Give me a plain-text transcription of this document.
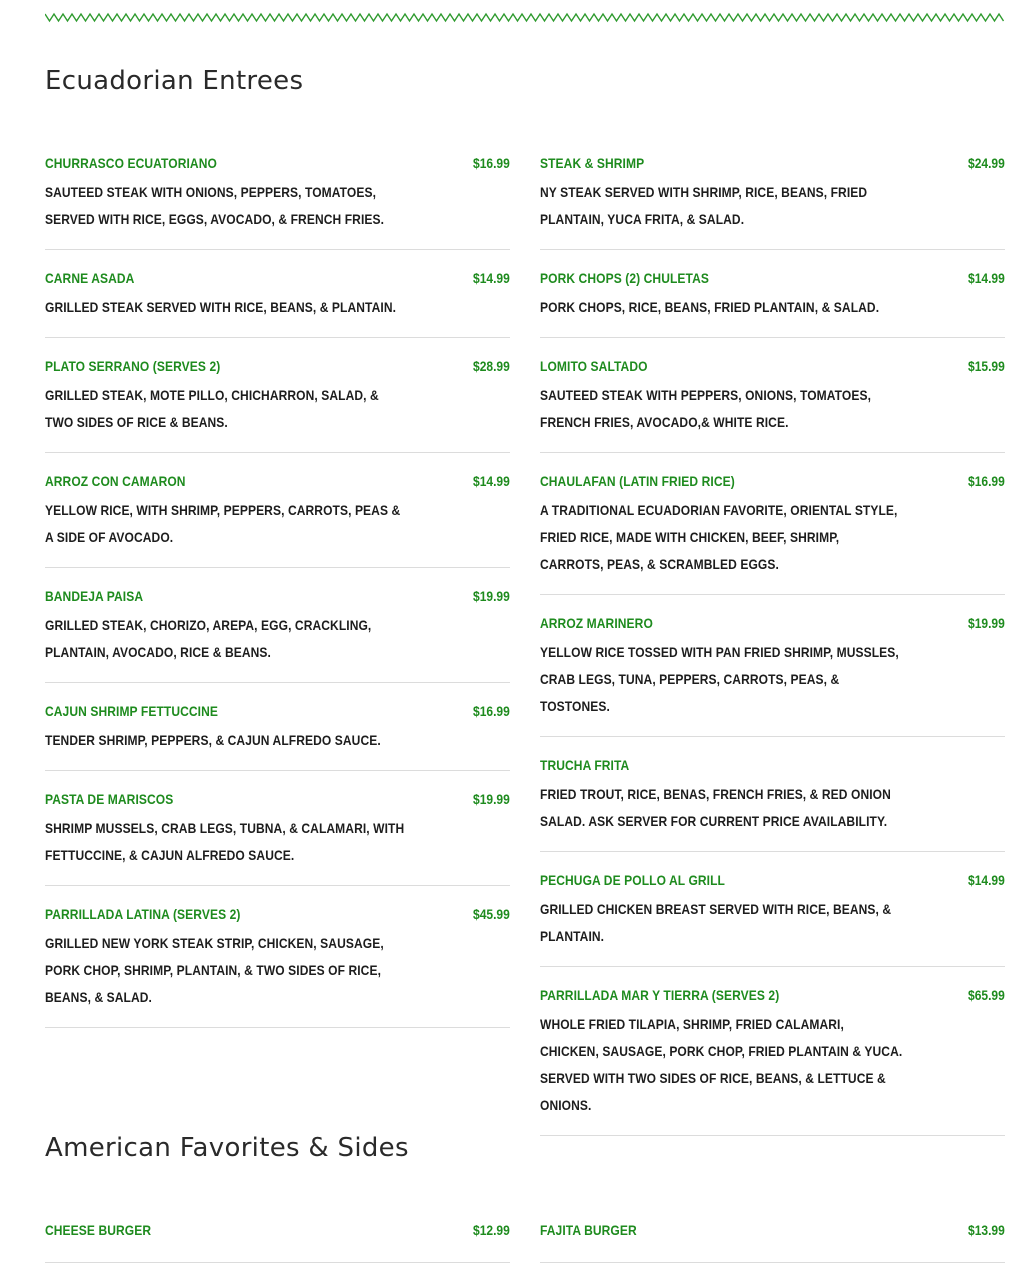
Ecuadorian Entrees
CHURRASCO ECUATORIANO	$16.99
SAUTEED STEAK WITH ONIONS, PEPPERS, TOMATOES, SERVED WITH RICE, EGGS, AVOCADO, & FRENCH FRIES.
CARNE ASADA	$14.99
GRILLED STEAK SERVED WITH RICE, BEANS, & PLANTAIN.
PLATO SERRANO (SERVES 2)	$28.99
GRILLED STEAK, MOTE PILLO, CHICHARRON, SALAD, & TWO SIDES OF RICE & BEANS.
ARROZ CON CAMARON	$14.99
YELLOW RICE, WITH SHRIMP, PEPPERS, CARROTS, PEAS & A SIDE OF AVOCADO.
BANDEJA PAISA	$19.99
GRILLED STEAK, CHORIZO, AREPA, EGG, CRACKLING, PLANTAIN, AVOCADO, RICE & BEANS.
CAJUN SHRIMP FETTUCCINE	$16.99
TENDER SHRIMP, PEPPERS, & CAJUN ALFREDO SAUCE.
PASTA DE MARISCOS	$19.99
SHRIMP MUSSELS, CRAB LEGS, TUBNA, & CALAMARI, WITH FETTUCCINE, & CAJUN ALFREDO SAUCE.
PARRILLADA LATINA (SERVES 2)	$45.99
GRILLED NEW YORK STEAK STRIP, CHICKEN, SAUSAGE, PORK CHOP, SHRIMP, PLANTAIN, & TWO SIDES OF RICE, BEANS, & SALAD.
STEAK & SHRIMP	$24.99
NY STEAK SERVED WITH SHRIMP, RICE, BEANS, FRIED PLANTAIN, YUCA FRITA, & SALAD.
PORK CHOPS (2) CHULETAS	$14.99
PORK CHOPS, RICE, BEANS, FRIED PLANTAIN, & SALAD.
LOMITO SALTADO	$15.99
SAUTEED STEAK WITH PEPPERS, ONIONS, TOMATOES, FRENCH FRIES, AVOCADO,& WHITE RICE.
CHAULAFAN (LATIN FRIED RICE)	$16.99
A TRADITIONAL ECUADORIAN FAVORITE, ORIENTAL STYLE, FRIED RICE, MADE WITH CHICKEN, BEEF, SHRIMP, CARROTS, PEAS, & SCRAMBLED EGGS.
ARROZ MARINERO	$19.99
YELLOW RICE TOSSED WITH PAN FRIED SHRIMP, MUSSLES, CRAB LEGS, TUNA, PEPPERS, CARROTS, PEAS, & TOSTONES.
TRUCHA FRITA
FRIED TROUT, RICE, BENAS, FRENCH FRIES, & RED ONION SALAD. ASK SERVER FOR CURRENT PRICE AVAILABILITY.
PECHUGA DE POLLO AL GRILL	$14.99
GRILLED CHICKEN BREAST SERVED WITH RICE, BEANS, & PLANTAIN.
PARRILLADA MAR Y TIERRA (SERVES 2)	$65.99
WHOLE FRIED TILAPIA, SHRIMP, FRIED CALAMARI, CHICKEN, SAUSAGE, PORK CHOP, FRIED PLANTAIN & YUCA. SERVED WITH TWO SIDES OF RICE, BEANS, & LETTUCE & ONIONS.
American Favorites & Sides
CHEESE BURGER	$12.99 FAJITA BURGER	$13.99
